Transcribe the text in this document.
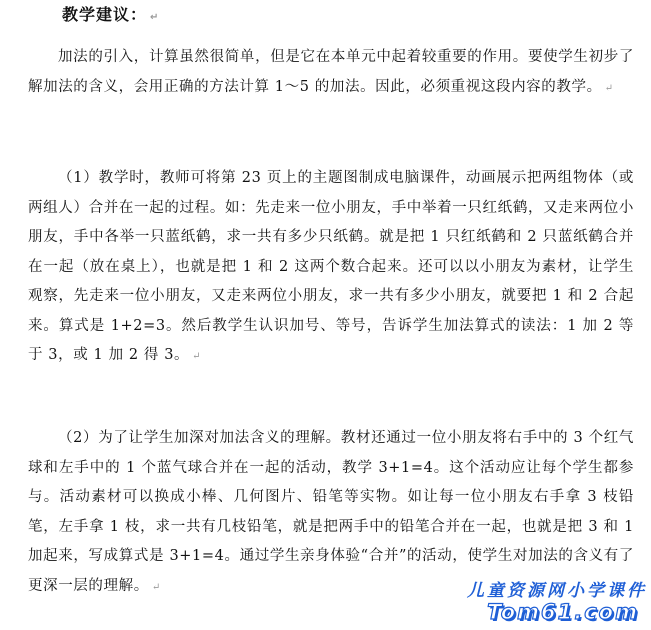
教学建议： ↵

加法的引入，计算虽然很简单，但是它在本单元中起着较重要的作用。要使学生初步了解加法的含义，会用正确的方法计算 1～5 的加法。因此，必须重视这段内容的教学。 ↵

（1）教学时，教师可将第 23 页上的主题图制成电脑课件，动画展示把两组物体（或两组人）合并在一起的过程。如：先走来一位小朋友，手中举着一只红纸鹤，又走来两位小朋友，手中各举一只蓝纸鹤，求一共有多少只纸鹤。就是把 1 只红纸鹤和 2 只蓝纸鹤合并在一起（放在桌上），也就是把 1 和 2 这两个数合起来。还可以以小朋友为素材，让学生观察，先走来一位小朋友，又走来两位小朋友，求一共有多少小朋友，就要把 1 和 2 合起来。算式是 1+2=3。然后教学生认识加号、等号，告诉学生加法算式的读法：1 加 2 等于 3，或 1 加 2 得 3。 ↵

（2）为了让学生加深对加法含义的理解。教材还通过一位小朋友将右手中的 3 个红气球和左手中的 1 个蓝气球合并在一起的活动，教学 3+1=4。这个活动应让每个学生都参与。活动素材可以换成小棒、几何图片、铅笔等实物。如让每一位小朋友右手拿 3 枝铅笔，左手拿 1 枝，求一共有几枝铅笔，就是把两手中的铅笔合并在一起，也就是把 3 和 1 加起来，写成算式是 3+1=4。通过学生亲身体验“合并”的活动，使学生对加法的含义有了更深一层的理解。 ↵	儿童资源网小学课件
Tom61.com
